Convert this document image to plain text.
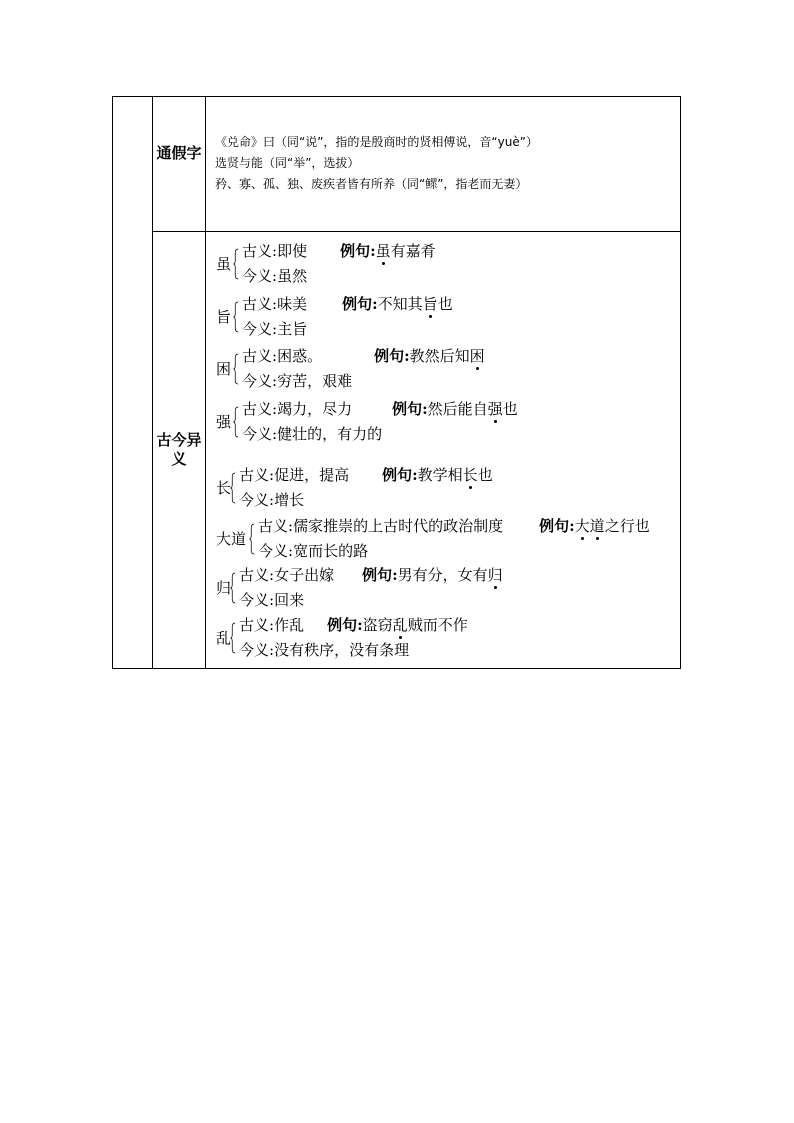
通假字
《兑命》曰（同“说”，指的是殷商时的贤相傅说，音“yuè”）
选贤与能（同“举”，选拔）
矜、寡、孤、独、废疾者皆有所养（同“鳏”，指老而无妻）
古今异义
虽
古义:即使 例句:虽有嘉肴
今义:虽然
旨
古义:味美 例句:不知其旨也
今义:主旨
困
古义:困惑。	例句:教然后知困
今义:穷苦，艰难
强
古义:竭力，尽力	例句:然后能自强也
今义:健壮的，有力的
长
古义:促进，提高 例句:教学相长也
今义:增长
大道
古义:儒家推崇的上古时代的政治制度 例句:大道之行也
今义:宽而长的路
归
古义:女子出嫁 例句:男有分，女有归
今义:回来
乱
古义:作乱 例句:盗窃乱贼而不作
今义:没有秩序，没有条理
